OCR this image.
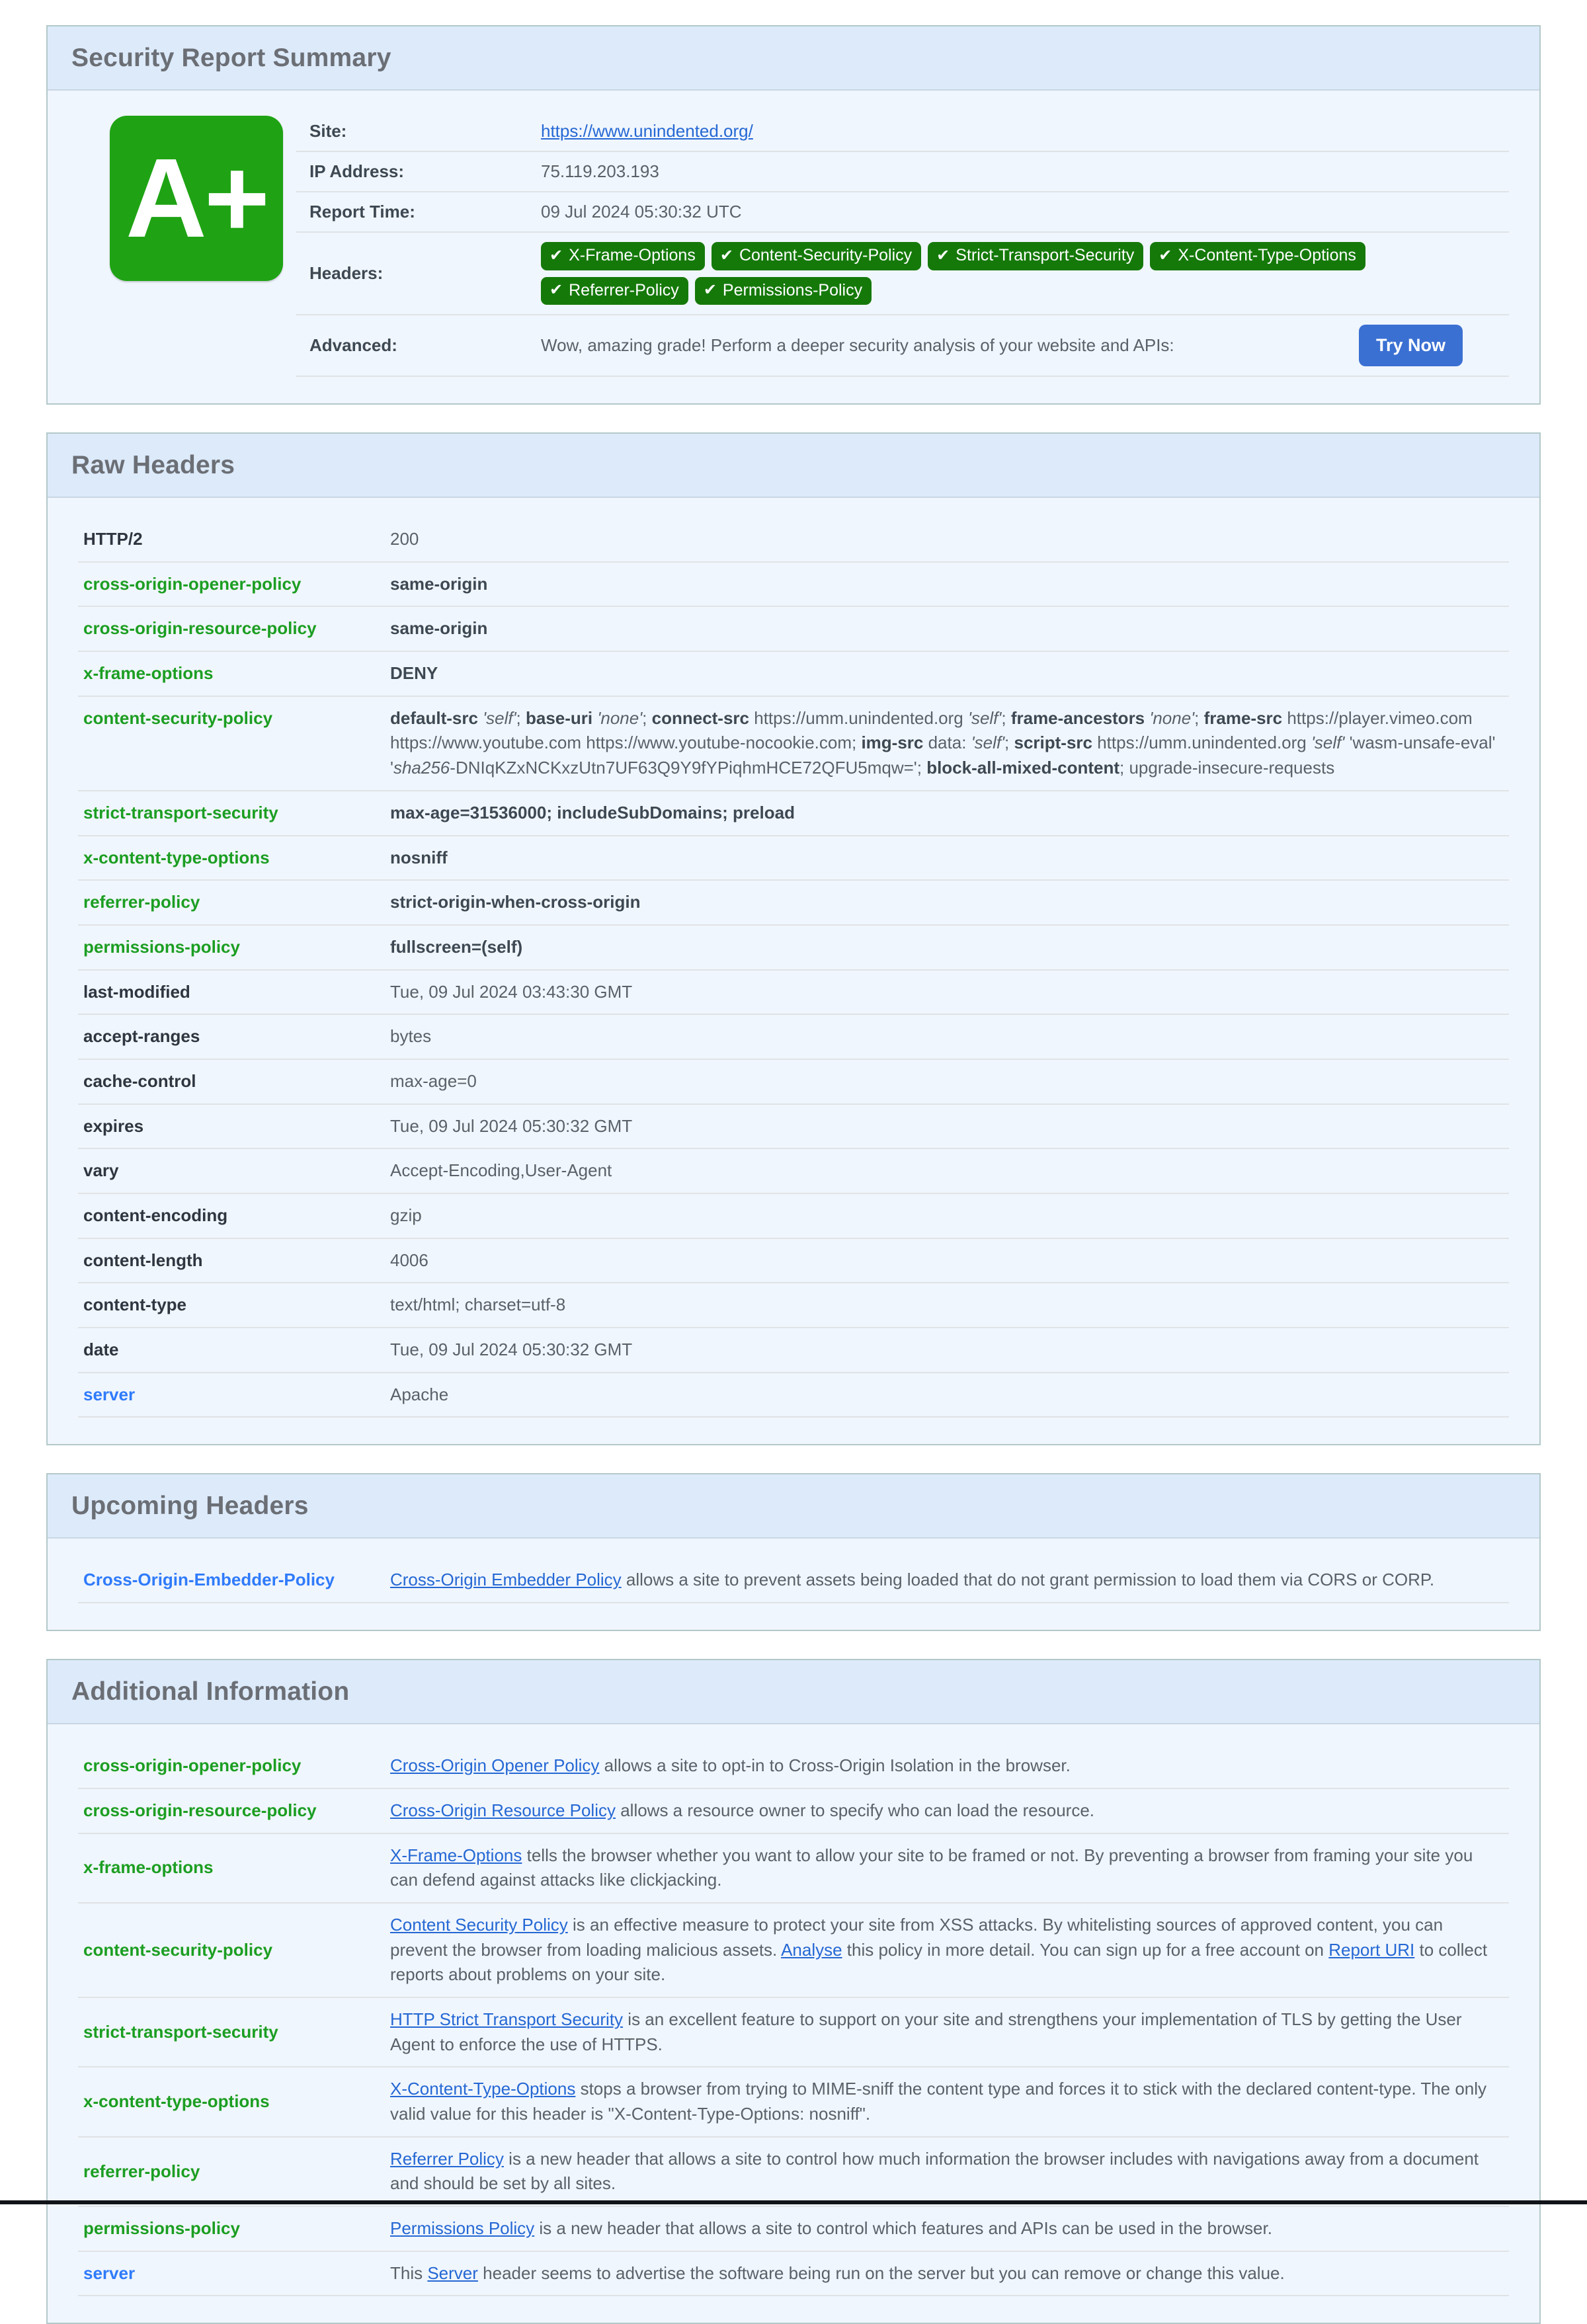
Security Report Summary
A+
Site:	https://www.unindented.org/
IP Address:	75.119.203.193
Report Time:	09 Jul 2024 05:30:32 UTC
Headers:	
✔ X-Frame-Options ✔ Content-Security-Policy ✔ Strict-Transport-Security ✔ X-Content-Type-Options
✔ Referrer-Policy ✔ Permissions-Policy

Advanced:	Wow, amazing grade! Perform a deeper security analysis of your website and APIs: Try Now
Raw Headers
HTTP/2	200
cross-origin-opener-policy	same-origin
cross-origin-resource-policy	same-origin
x-frame-options	DENY
content-security-policy	default-src 'self'; base-uri 'none'; connect-src https://umm.unindented.org 'self'; frame-ancestors 'none'; frame-src https://player.vimeo.com https://www.youtube.com https://www.youtube-nocookie.com; img-src data: 'self'; script-src https://umm.unindented.org 'self' 'wasm-unsafe-eval' 'sha256-DNIqKZxNCKxzUtn7UF63Q9Y9fYPiqhmHCE72QFU5mqw='; block-all-mixed-content; upgrade-insecure-requests
strict-transport-security	max-age=31536000; includeSubDomains; preload
x-content-type-options	nosniff
referrer-policy	strict-origin-when-cross-origin
permissions-policy	fullscreen=(self)
last-modified	Tue, 09 Jul 2024 03:43:30 GMT
accept-ranges	bytes
cache-control	max-age=0
expires	Tue, 09 Jul 2024 05:30:32 GMT
vary	Accept-Encoding,User-Agent
content-encoding	gzip
content-length	4006
content-type	text/html; charset=utf-8
date	Tue, 09 Jul 2024 05:30:32 GMT
server	Apache
Upcoming Headers
Cross-Origin-Embedder-Policy	Cross-Origin Embedder Policy allows a site to prevent assets being loaded that do not grant permission to load them via CORS or CORP.
Additional Information
cross-origin-opener-policy	Cross-Origin Opener Policy allows a site to opt-in to Cross-Origin Isolation in the browser.
cross-origin-resource-policy	Cross-Origin Resource Policy allows a resource owner to specify who can load the resource.
x-frame-options	X-Frame-Options tells the browser whether you want to allow your site to be framed or not. By preventing a browser from framing your site you can defend against attacks like clickjacking.
content-security-policy	Content Security Policy is an effective measure to protect your site from XSS attacks. By whitelisting sources of approved content, you can prevent the browser from loading malicious assets. Analyse this policy in more detail. You can sign up for a free account on Report URI to collect reports about problems on your site.
strict-transport-security	HTTP Strict Transport Security is an excellent feature to support on your site and strengthens your implementation of TLS by getting the User Agent to enforce the use of HTTPS.
x-content-type-options	X-Content-Type-Options stops a browser from trying to MIME-sniff the content type and forces it to stick with the declared content-type. The only valid value for this header is "X-Content-Type-Options: nosniff".
referrer-policy	Referrer Policy is a new header that allows a site to control how much information the browser includes with navigations away from a document and should be set by all sites.
permissions-policy	Permissions Policy is a new header that allows a site to control which features and APIs can be used in the browser.
server	This Server header seems to advertise the software being run on the server but you can remove or change this value.
